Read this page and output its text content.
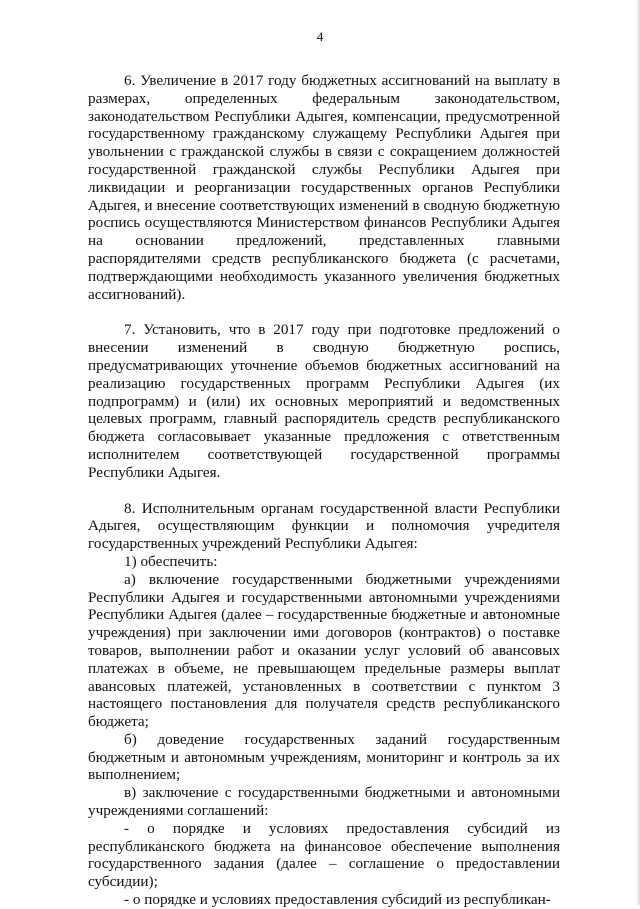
4

6. Увеличение в 2017 году бюджетных ассигнований на выплату в размерах, определенных федеральным законодательством, законодательством Республики Адыгея, компенсации, предусмотренной государственному гражданскому служащему Республики Адыгея при увольнении с гражданской службы в связи с сокращением должностей государственной гражданской службы Республики Адыгея при ликвидации и реорганизации государственных органов Республики Адыгея, и внесение соответствующих изменений в сводную бюджетную роспись осуществляются Министерством финансов Республики Адыгея на основании предложений, представленных главными распорядителями средств республиканского бюджета (с расчетами, подтверждающими необходимость указанного увеличения бюджетных ассигнований).

7. Установить, что в 2017 году при подготовке предложений о внесении изменений в сводную бюджетную роспись, предусматривающих уточнение объемов бюджетных ассигнований на реализацию государственных программ Республики Адыгея (их подпрограмм) и (или) их основных мероприятий и ведомственных целевых программ, главный распорядитель средств республиканского бюджета согласовывает указанные предложения с ответственным исполнителем соответствующей государственной программы Республики Адыгея.

8. Исполнительным органам государственной власти Республики Адыгея, осуществляющим функции и полномочия учредителя государственных учреждений Республики Адыгея:

1) обеспечить:

а) включение государственными бюджетными учреждениями Республики Адыгея и государственными автономными учреждениями Республики Адыгея (далее – государственные бюджетные и автономные учреждения) при заключении ими договоров (контрактов) о поставке товаров, выполнении работ и оказании услуг условий об авансовых платежах в объеме, не превышающем предельные размеры выплат авансовых платежей, установленных в соответствии с пунктом 3 настоящего постановления для получателя средств республиканского бюджета;

б) доведение государственных заданий государственным бюджетным и автономным учреждениям, мониторинг и контроль за их выполнением;

в) заключение с государственными бюджетными и автономными учреждениями соглашений:

- о порядке и условиях предоставления субсидий из республиканского бюджета на финансовое обеспечение выполнения государственного задания (далее – соглашение о предоставлении субсидии);

- о порядке и условиях предоставления субсидий из республикан-
